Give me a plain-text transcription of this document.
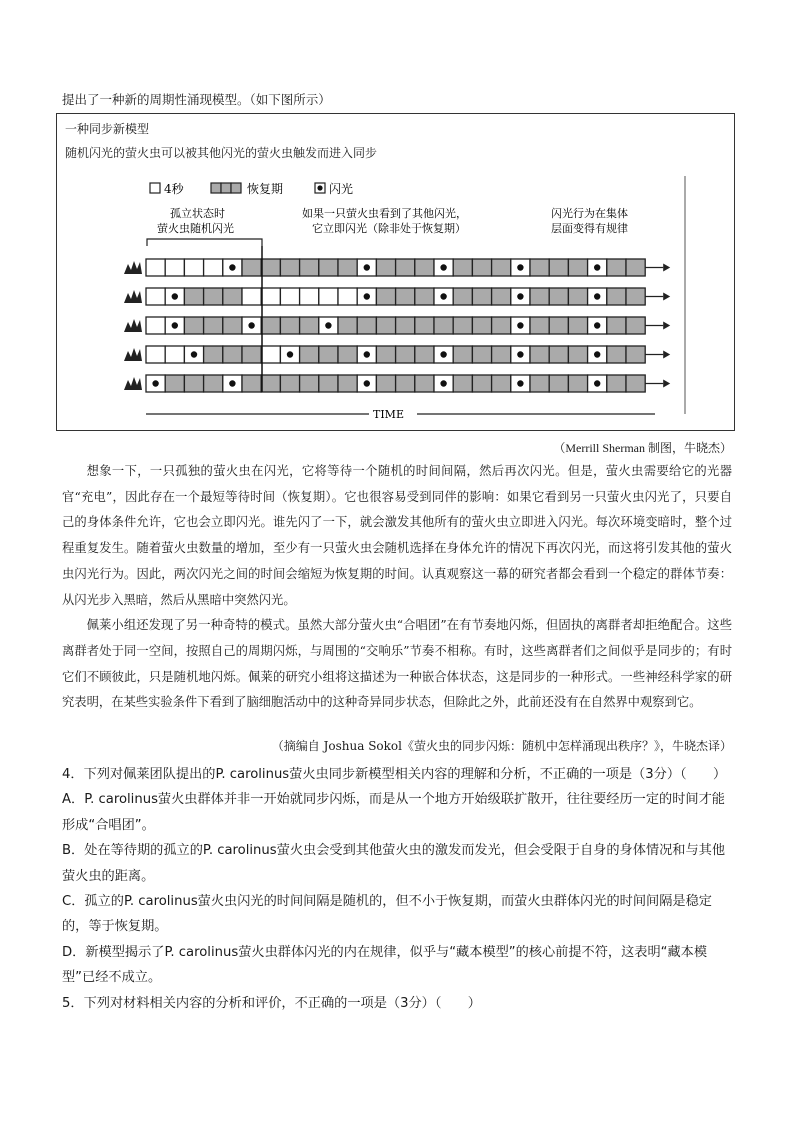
提出了一种新的周期性涌现模型。（如下图所示）
一种同步新模型
随机闪光的萤火虫可以被其他闪光的萤火虫触发而进入同步
4秒	恢复期	闪光
孤立状态时
萤火虫随机闪光
如果一只萤火虫看到了其他闪光，
它立即闪光（除非处于恢复期）
闪光行为在集体
层面变得有规律
TIME
（Merrill Sherman 制图，牛晓杰）

想象一下，一只孤独的萤火虫在闪光，它将等待一个随机的时间间隔，然后再次闪光。但是，萤火虫需要给它的光器官“充电”，因此存在一个最短等待时间（恢复期）。它也很容易受到同伴的影响：如果它看到另一只萤火虫闪光了，只要自己的身体条件允许，它也会立即闪光。谁先闪了一下，就会激发其他所有的萤火虫立即进入闪光。每次环境变暗时，整个过程重复发生。随着萤火虫数量的增加，至少有一只萤火虫会随机选择在身体允许的情况下再次闪光，而这将引发其他的萤火虫闪光行为。因此，两次闪光之间的时间会缩短为恢复期的时间。认真观察这一幕的研究者都会看到一个稳定的群体节奏：从闪光步入黑暗，然后从黑暗中突然闪光。

佩莱小组还发现了另一种奇特的模式。虽然大部分萤火虫“合唱团”在有节奏地闪烁，但固执的离群者却拒绝配合。这些离群者处于同一空间，按照自己的周期闪烁，与周围的“交响乐”节奏不相称。有时，这些离群者们之间似乎是同步的；有时它们不顾彼此，只是随机地闪烁。佩莱的研究小组将这描述为一种嵌合体状态，这是同步的一种形式。一些神经科学家的研究表明，在某些实验条件下看到了脑细胞活动中的这种奇异同步状态，但除此之外，此前还没有在自然界中观察到它。

（摘编自 Joshua Sokol《萤火虫的同步闪烁：随机中怎样涌现出秩序？》，牛晓杰译）

4．下列对佩莱团队提出的P. carolinus萤火虫同步新模型相关内容的理解和分析，不正确的一项是（3分）（　　）

A．P. carolinus萤火虫群体并非一开始就同步闪烁，而是从一个地方开始级联扩散开，往往要经历一定的时间才能形成“合唱团”。

B．处在等待期的孤立的P. carolinus萤火虫会受到其他萤火虫的激发而发光，但会受限于自身的身体情况和与其他萤火虫的距离。

C．孤立的P. carolinus萤火虫闪光的时间间隔是随机的，但不小于恢复期，而萤火虫群体闪光的时间间隔是稳定的，等于恢复期。

D．新模型揭示了P. carolinus萤火虫群体闪光的内在规律，似乎与“藏本模型”的核心前提不符，这表明“藏本模型”已经不成立。

5．下列对材料相关内容的分析和评价，不正确的一项是（3分）（　　）
